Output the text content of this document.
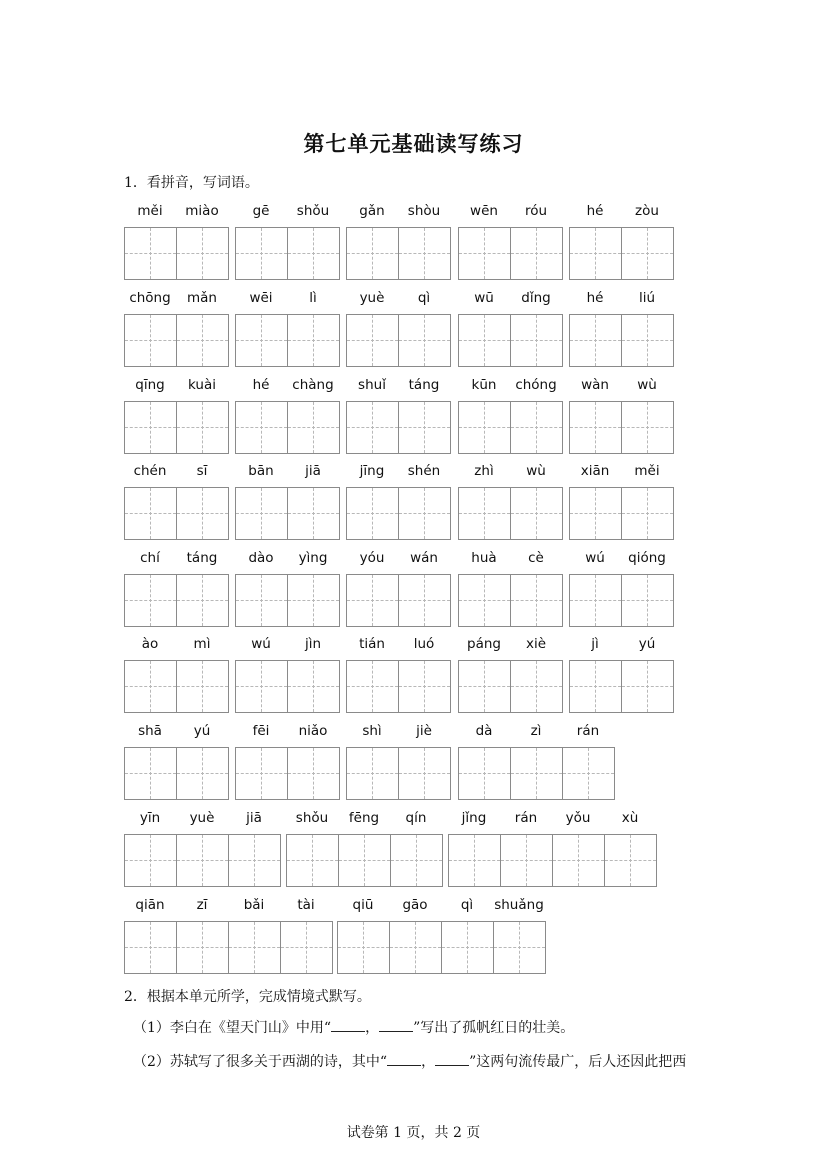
第七单元基础读写练习
1．看拼音，写词语。
měi	miào	gē	shǒu	gǎn	shòu	wēn	róu	hé	zòu
chōng	mǎn	wēi	lì	yuè	qì	wū	dǐng	hé	liú
qīng	kuài	hé	chàng	shuǐ	táng	kūn	chóng	wàn	wù
chén	sī	bān	jiā	jīng	shén	zhì	wù	xiān	měi
chí	táng	dào	yìng	yóu	wán	huà	cè	wú	qióng
ào	mì	wú	jìn	tián	luó	páng	xiè	jì	yú
shā	yú	fēi	niǎo	shì	jiè	dà	zì	rán
yīn	yuè	jiā	shǒu	fēng	qín	jǐng	rán	yǒu	xù
qiān	zī	bǎi	tài	qiū	gāo	qì	shuǎng
2．根据本单元所学，完成情境式默写。
（1）李白在《望天门山》中用“ ， ”写出了孤帆红日的壮美。
（2）苏轼写了很多关于西湖的诗，其中“ ， ”这两句流传最广，后人还因此把西
试卷第 1 页，共 2 页
